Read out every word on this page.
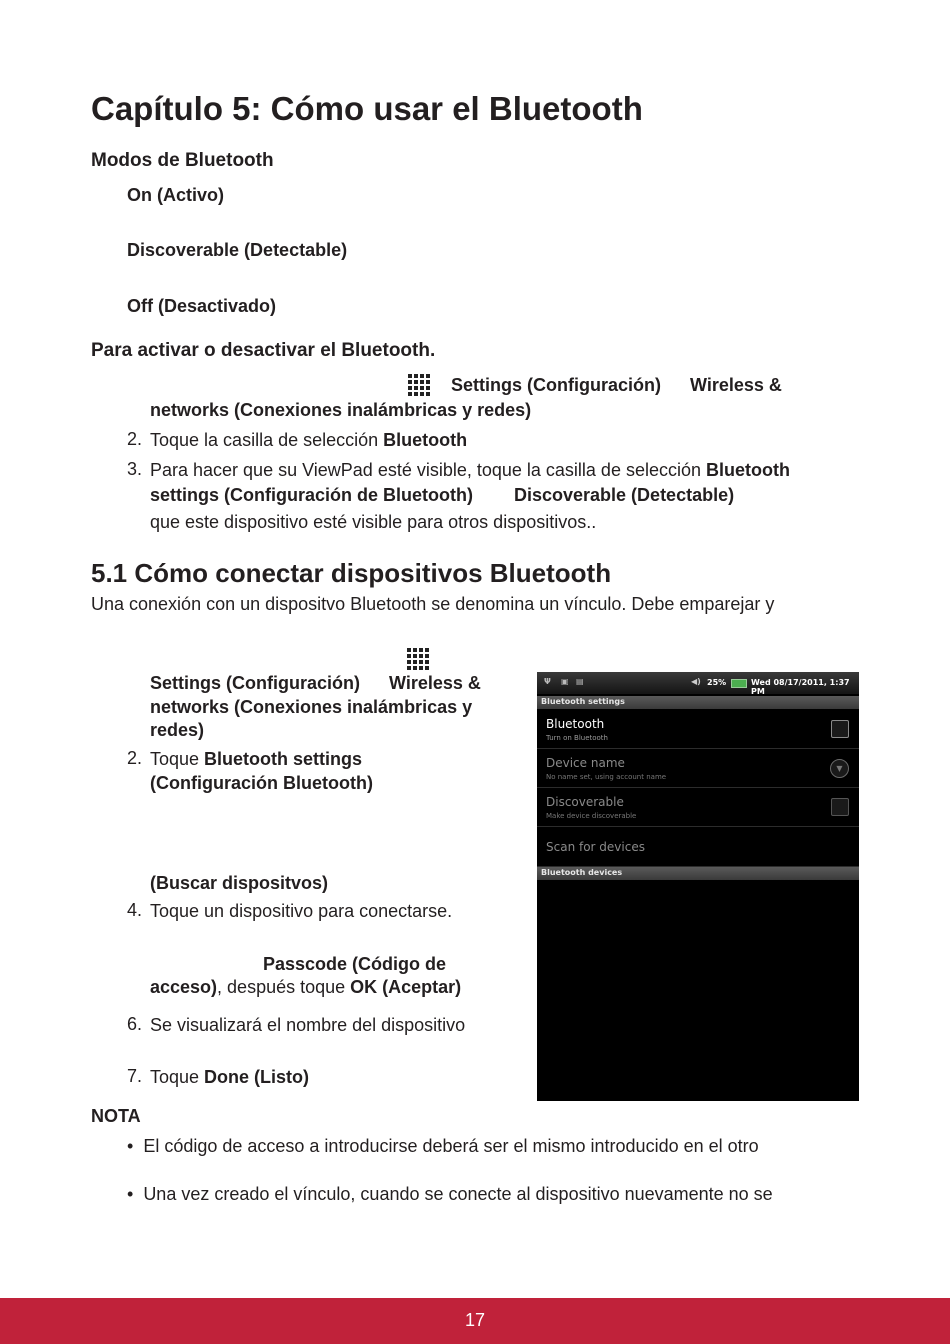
Capítulo 5: Cómo usar el Bluetooth
Modos de Bluetooth
On (Activo)
Discoverable (Detectable)
Off (Desactivado)
Para activar o desactivar el Bluetooth.
Settings (Configuración) Wireless &
networks (Conexiones inalámbricas y redes)
2. Toque la casilla de selección Bluetooth
3. Para hacer que su ViewPad esté visible, toque la casilla de selección Bluetooth
settings (Configuración de Bluetooth) Discoverable (Detectable)
que este dispositivo esté visible para otros dispositivos..
5.1 Cómo conectar dispositivos Bluetooth
Una conexión con un dispositvo Bluetooth se denomina un vínculo. Debe emparejar y
Settings (Configuración) Wireless &
networks (Conexiones inalámbricas y
redes)
2. Toque Bluetooth settings
(Configuración Bluetooth)
(Buscar dispositvos)
4. Toque un dispositivo para conectarse.
Passcode (Código de
acceso), después toque OK (Aceptar)
6. Se visualizará el nombre del dispositivo
7. Toque Done (Listo)
Ψ ▣ ▤	◀) 25%	Wed 08/17/2011, 1:37 PM
Bluetooth settings
Bluetooth
Turn on Bluetooth
Device name
No name set, using account name
▼
Discoverable
Make device discoverable
Scan for devices
Bluetooth devices
NOTA
•  El código de acceso a introducirse deberá ser el mismo introducido en el otro
•  Una vez creado el vínculo, cuando se conecte al dispositivo nuevamente no se
17
